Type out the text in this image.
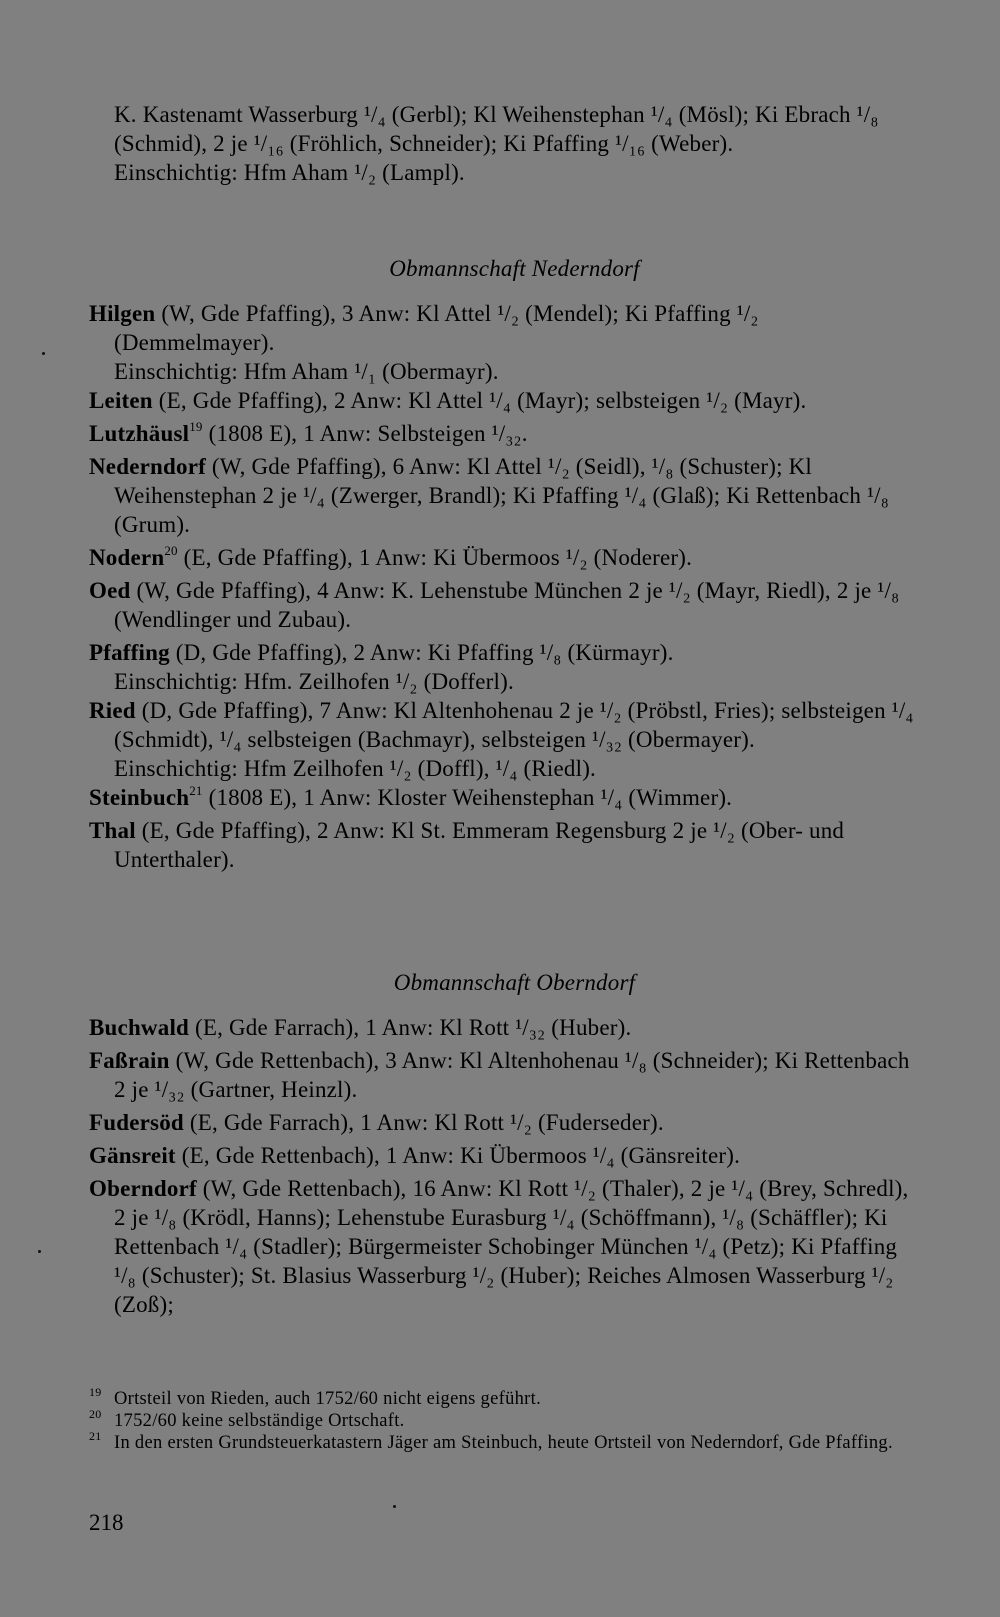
K. Kastenamt Wasserburg ¹/₄ (Gerbl); Kl Weihenstephan ¹/₄ (Mösl); Ki Ebrach ¹/₈ (Schmid), 2 je ¹/₁₆ (Fröhlich, Schneider); Ki Pfaffing ¹/₁₆ (Weber).

Einschichtig: Hfm Aham ¹/₂ (Lampl).

Obmannschaft Nederndorf

Hilgen (W, Gde Pfaffing), 3 Anw: Kl Attel ¹/₂ (Mendel); Ki Pfaffing ¹/₂ (Demmelmayer).

Einschichtig: Hfm Aham ¹/₁ (Obermayr).

Leiten (E, Gde Pfaffing), 2 Anw: Kl Attel ¹/₄ (Mayr); selbsteigen ¹/₂ (Mayr).

Lutzhäusl$^{19}$ (1808 E), 1 Anw: Selbsteigen ¹/₃₂.

Nederndorf (W, Gde Pfaffing), 6 Anw: Kl Attel ¹/₂ (Seidl), ¹/₈ (Schuster); Kl Weihenstephan 2 je ¹/₄ (Zwerger, Brandl); Ki Pfaffing ¹/₄ (Glaß); Ki Rettenbach ¹/₈ (Grum).

Nodern$^{20}$ (E, Gde Pfaffing), 1 Anw: Ki Übermoos ¹/₂ (Noderer).

Oed (W, Gde Pfaffing), 4 Anw: K. Lehenstube München 2 je ¹/₂ (Mayr, Riedl), 2 je ¹/₈ (Wendlinger und Zubau).

Pfaffing (D, Gde Pfaffing), 2 Anw: Ki Pfaffing ¹/₈ (Kürmayr).

Einschichtig: Hfm. Zeilhofen ¹/₂ (Dofferl).

Ried (D, Gde Pfaffing), 7 Anw: Kl Altenhohenau 2 je ¹/₂ (Pröbstl, Fries); selbsteigen ¹/₄ (Schmidt), ¹/₄ selbsteigen (Bachmayr), selbsteigen ¹/₃₂ (Obermayer).

Einschichtig: Hfm Zeilhofen ¹/₂ (Doffl), ¹/₄ (Riedl).

Steinbuch$^{21}$ (1808 E), 1 Anw: Kloster Weihenstephan ¹/₄ (Wimmer).

Thal (E, Gde Pfaffing), 2 Anw: Kl St. Emmeram Regensburg 2 je ¹/₂ (Ober- und Unterthaler).

Obmannschaft Oberndorf

Buchwald (E, Gde Farrach), 1 Anw: Kl Rott ¹/₃₂ (Huber).

Faßrain (W, Gde Rettenbach), 3 Anw: Kl Altenhohenau ¹/₈ (Schneider); Ki Rettenbach 2 je ¹/₃₂ (Gartner, Heinzl).

Fudersöd (E, Gde Farrach), 1 Anw: Kl Rott ¹/₂ (Fuderseder).

Gänsreit (E, Gde Rettenbach), 1 Anw: Ki Übermoos ¹/₄ (Gänsreiter).

Oberndorf (W, Gde Rettenbach), 16 Anw: Kl Rott ¹/₂ (Thaler), 2 je ¹/₄ (Brey, Schredl), 2 je ¹/₈ (Krödl, Hanns); Lehenstube Eurasburg ¹/₄ (Schöffmann), ¹/₈ (Schäffler); Ki Rettenbach ¹/₄ (Stadler); Bürgermeister Schobinger München ¹/₄ (Petz); Ki Pfaffing ¹/₈ (Schuster); St. Blasius Wasserburg ¹/₂ (Huber); Reiches Almosen Wasserburg ¹/₂ (Zoß);

$^{19}$ Ortsteil von Rieden, auch 1752/60 nicht eigens geführt.

$^{20}$ 1752/60 keine selbständige Ortschaft.

$^{21}$ In den ersten Grundsteuerkatastern Jäger am Steinbuch, heute Ortsteil von Nederndorf, Gde Pfaffing.

218
